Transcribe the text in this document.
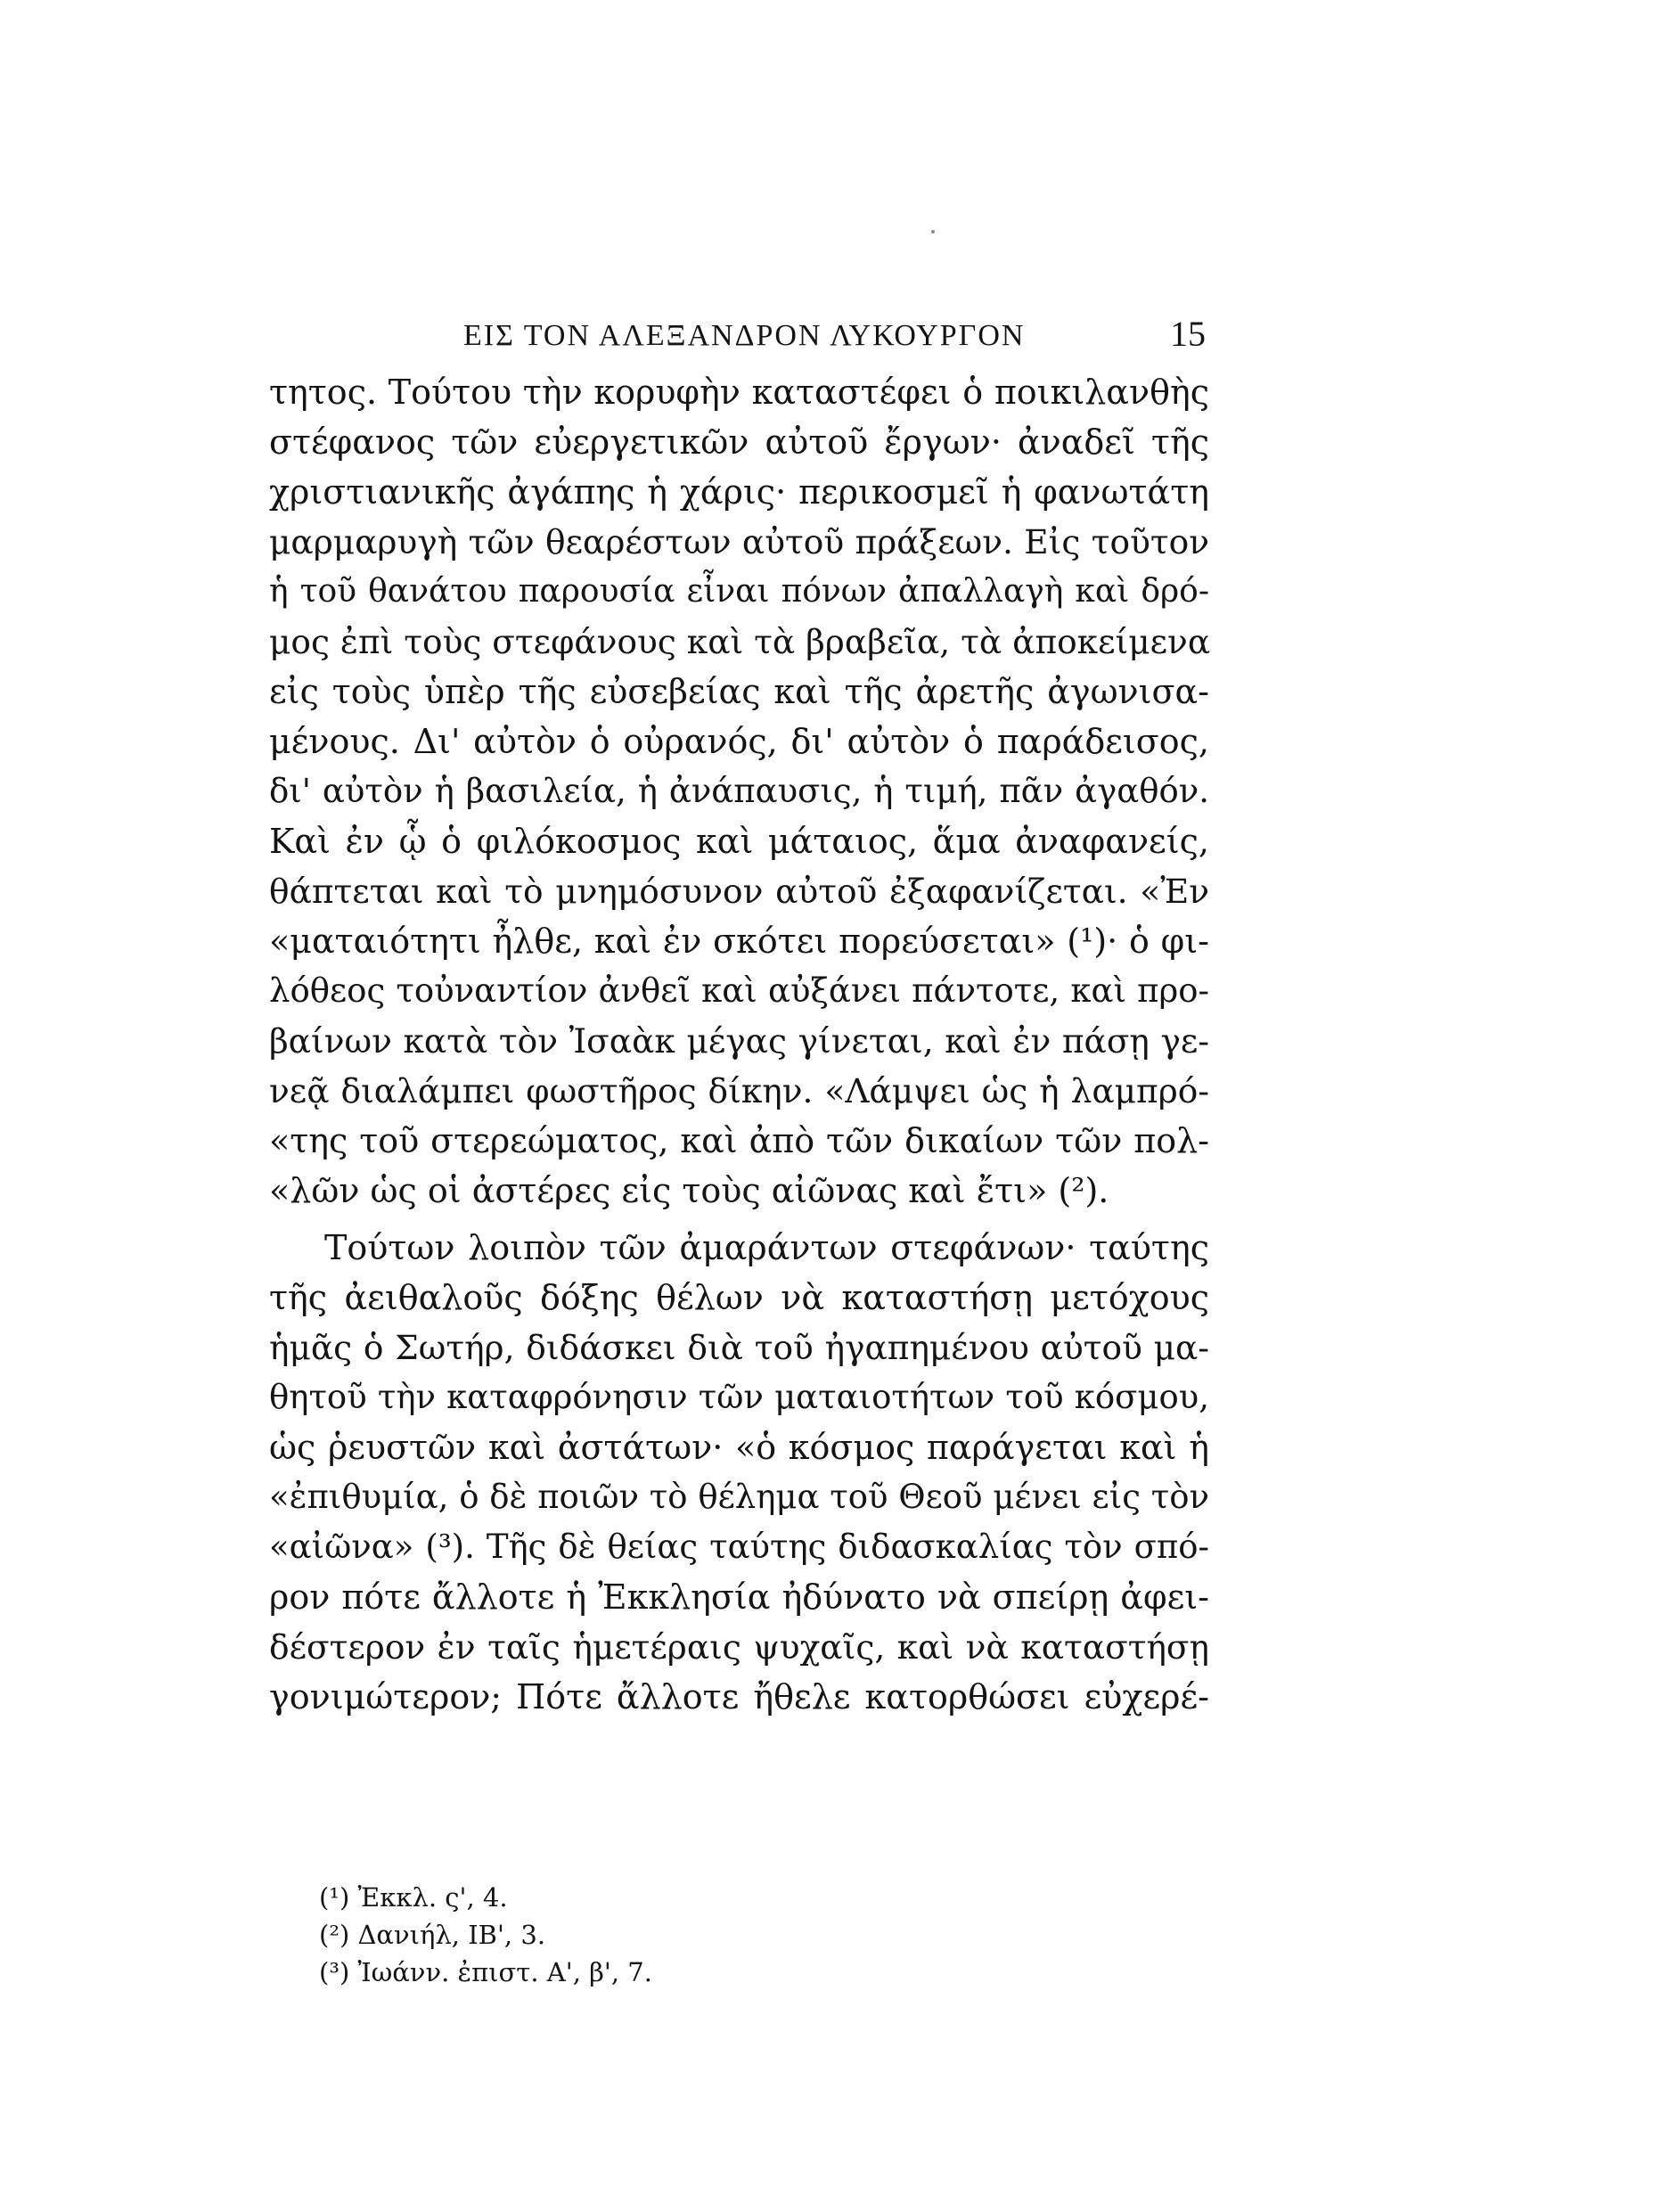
ΕΙΣ ΤΟΝ ΑΛΕΞΑΝΔΡΟΝ ΛΥΚΟΥΡΓΟΝ	15
τητος. Τούτου τὴν κορυφὴν καταστέφει ὁ ποικιλανθὴς
στέφανος τῶν εὐεργετικῶν αὐτοῦ ἔργων· ἀναδεῖ τῆς
χριστιανικῆς ἀγάπης ἡ χάρις· περικοσμεῖ ἡ φανωτάτη
μαρμαρυγὴ τῶν θεαρέστων αὐτοῦ πράξεων. Εἰς τοῦτον
ἡ τοῦ θανάτου παρουσία εἶναι πόνων ἀπαλλαγὴ καὶ δρό-
μος ἐπὶ τοὺς στεφάνους καὶ τὰ βραβεῖα, τὰ ἀποκείμενα
εἰς τοὺς ὑπὲρ τῆς εὐσεβείας καὶ τῆς ἀρετῆς ἀγωνισα-
μένους. Δι' αὐτὸν ὁ οὐρανός, δι' αὐτὸν ὁ παράδεισος,
δι' αὐτὸν ἡ βασιλεία, ἡ ἀνάπαυσις, ἡ τιμή, πᾶν ἀγαθόν.
Καὶ ἐν ᾧ ὁ φιλόκοσμος καὶ μάταιος, ἅμα ἀναφανείς,
θάπτεται καὶ τὸ μνημόσυνον αὐτοῦ ἐξαφανίζεται. «Ἐν
«ματαιότητι ἦλθε, καὶ ἐν σκότει πορεύσεται» (¹)· ὁ φι-
λόθεος τοὐναντίον ἀνθεῖ καὶ αὐξάνει πάντοτε, καὶ προ-
βαίνων κατὰ τὸν Ἰσαὰκ μέγας γίνεται, καὶ ἐν πάσῃ γε-
νεᾷ διαλάμπει φωστῆρος δίκην. «Λάμψει ὡς ἡ λαμπρό-
«της τοῦ στερεώματος, καὶ ἀπὸ τῶν δικαίων τῶν πολ-
«λῶν ὡς οἱ ἀστέρες εἰς τοὺς αἰῶνας καὶ ἔτι» (²).
Τούτων λοιπὸν τῶν ἀμαράντων στεφάνων· ταύτης
τῆς ἀειθαλοῦς δόξης θέλων νὰ καταστήσῃ μετόχους
ἡμᾶς ὁ Σωτήρ, διδάσκει διὰ τοῦ ἠγαπημένου αὐτοῦ μα-
θητοῦ τὴν καταφρόνησιν τῶν ματαιοτήτων τοῦ κόσμου,
ὡς ῥευστῶν καὶ ἀστάτων· «ὁ κόσμος παράγεται καὶ ἡ
«ἐπιθυμία, ὁ δὲ ποιῶν τὸ θέλημα τοῦ Θεοῦ μένει εἰς τὸν
«αἰῶνα» (³). Τῆς δὲ θείας ταύτης διδασκαλίας τὸν σπό-
ρον πότε ἄλλοτε ἡ Ἐκκλησία ἠδύνατο νὰ σπείρῃ ἀφει-
δέστερον ἐν ταῖς ἡμετέραις ψυχαῖς, καὶ νὰ καταστήσῃ
γονιμώτερον; Πότε ἄλλοτε ἤθελε κατορθώσει εὐχερέ-
(¹) Ἐκκλ. ς', 4.
(²) Δανιήλ, ΙΒ', 3.
(³) Ἰωάνν. ἐπιστ. Α', β', 7.
